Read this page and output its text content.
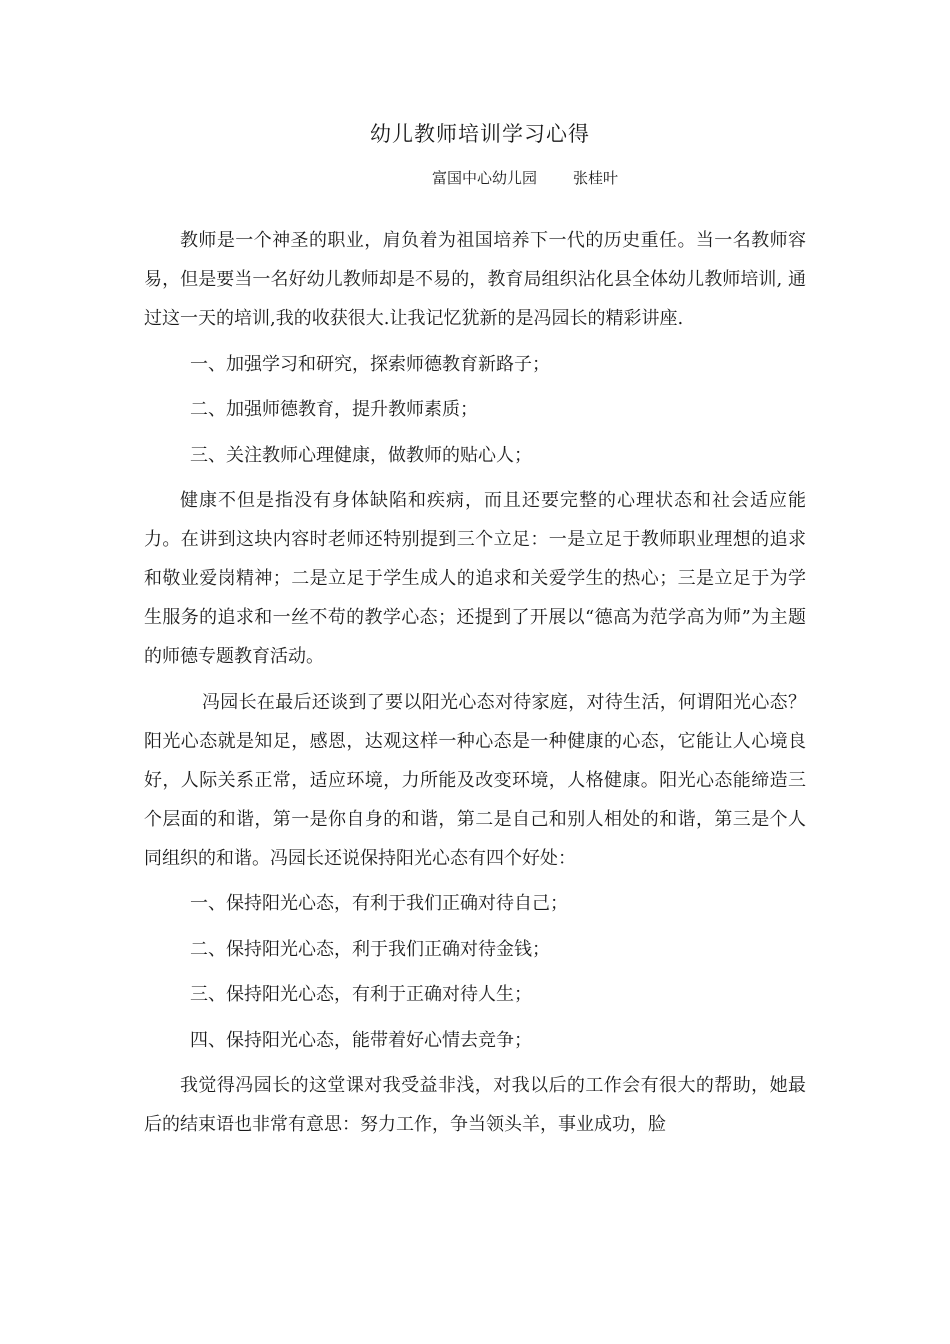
幼儿教师培训学习心得
富国中心幼儿园 张桂叶

教师是一个神圣的职业，肩负着为祖国培养下一代的历史重任。当一名教师容易，但是要当一名好幼儿教师却是不易的，教育局组织沾化县全体幼儿教师培训, 通过这一天的培训,我的收获很大.让我记忆犹新的是冯园长的精彩讲座.

一、加强学习和研究，探索师德教育新路子；

二、加强师德教育，提升教师素质；

三、关注教师心理健康，做教师的贴心人；

健康不但是指没有身体缺陷和疾病，而且还要完整的心理状态和社会适应能力。在讲到这块内容时老师还特别提到三个立足：一是立足于教师职业理想的追求和敬业爱岗精神；二是立足于学生成人的追求和关爱学生的热心；三是立足于为学生服务的追求和一丝不苟的教学心态；还提到了开展以“德高为范学高为师”为主题的师德专题教育活动。

冯园长在最后还谈到了要以阳光心态对待家庭，对待生活，何谓阳光心态？阳光心态就是知足，感恩，达观这样一种心态是一种健康的心态，它能让人心境良好，人际关系正常，适应环境，力所能及改变环境，人格健康。阳光心态能缔造三个层面的和谐，第一是你自身的和谐，第二是自己和别人相处的和谐，第三是个人同组织的和谐。冯园长还说保持阳光心态有四个好处：

一、保持阳光心态，有利于我们正确对待自己；

二、保持阳光心态，利于我们正确对待金钱；

三、保持阳光心态，有利于正确对待人生；

四、保持阳光心态，能带着好心情去竞争；

我觉得冯园长的这堂课对我受益非浅，对我以后的工作会有很大的帮助，她最后的结束语也非常有意思：努力工作，争当领头羊，事业成功，脸
